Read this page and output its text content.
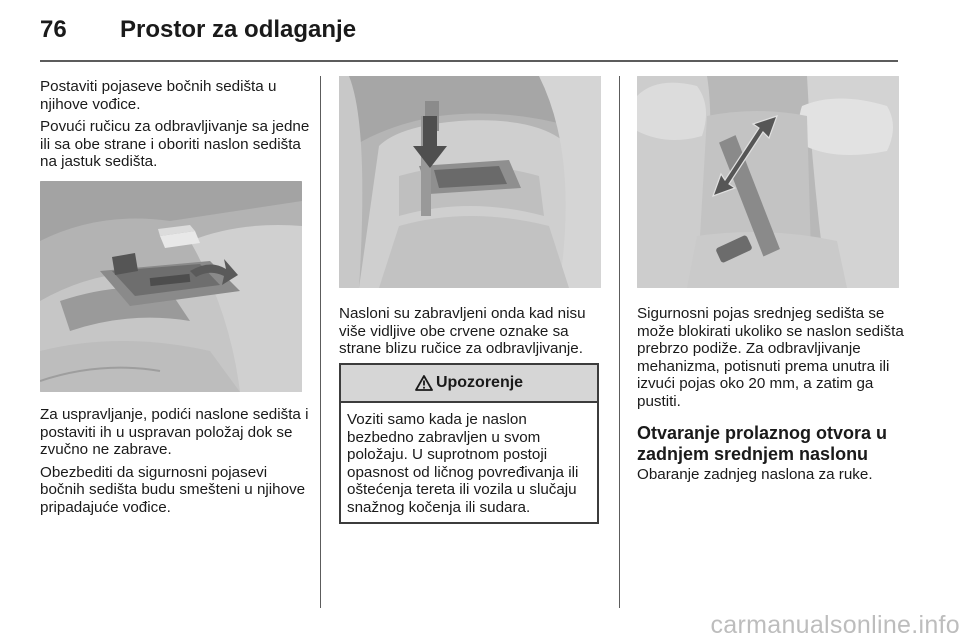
76 Prostor za odlaganje

Postaviti pojaseve bočnih sedišta u njihove vođice.

Povući ručicu za odbravljivanje sa jedne ili sa obe strane i oboriti naslon sedišta na jastuk sedišta.

Za uspravljanje, podići naslone sedišta i postaviti ih u uspravan položaj dok se zvučno ne zabrave.

Obezbediti da sigurnosni pojasevi bočnih sedišta budu smešteni u njihove pripadajuće vođice.

Nasloni su zabravljeni onda kad nisu više vidljive obe crvene oznake sa strane blizu ručice za odbravljivanje.

Upozorenje
Voziti samo kada je naslon bezbedno zabravljen u svom položaju. U suprotnom postoji opasnost od ličnog povređivanja ili oštećenja tereta ili vozila u slučaju snažnog kočenja ili sudara.

Sigurnosni pojas srednjeg sedišta se može blokirati ukoliko se naslon sedišta prebrzo podiže. Za odbravljivanje mehanizma, potisnuti prema unutra ili izvući pojas oko 20 mm, a zatim ga pustiti.

Otvaranje prolaznog otvora u zadnjem srednjem naslonu

Obaranje zadnjeg naslona za ruke.

carmanualsonline.info
